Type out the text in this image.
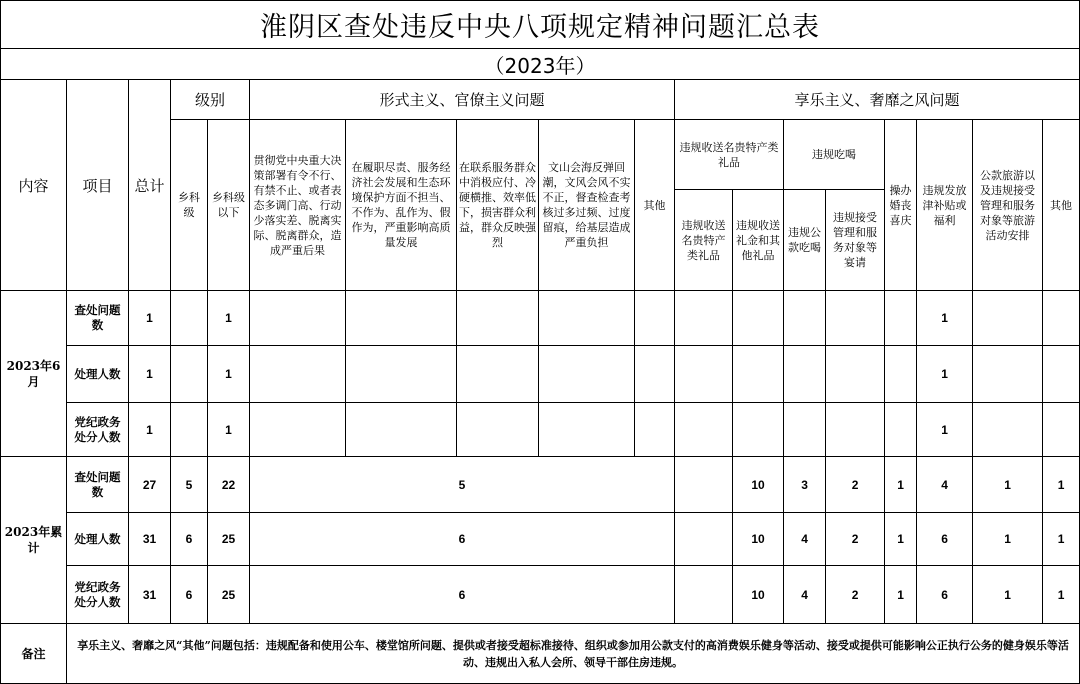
淮阴区查处违反中央八项规定精神问题汇总表
（2023年）
内容	项目	总计	级别		形式主义、官僚主义问题					享乐主义、奢靡之风问题							
			乡科级	乡科级以下	贯彻党中央重大决策部署有令不行、有禁不止、或者表态多调门高、行动少落实差、脱离实际、脱离群众，造成严重后果	在履职尽责、服务经济社会发展和生态环境保护方面不担当、不作为、乱作为、假作为，严重影响高质量发展	在联系服务群众中消极应付、冷硬横推、效率低下，损害群众利益，群众反映强烈	文山会海反弹回潮，文风会风不实不正，督查检查考核过多过频、过度留痕，给基层造成严重负担	其他	违规收送名贵特产类礼品		违规吃喝		操办婚丧喜庆	违规发放津补贴或福利	公款旅游以及违规接受管理和服务对象等旅游活动安排	其他
										违规收送名贵特产类礼品	违规收送礼金和其他礼品	违规公款吃喝	违规接受管理和服务对象等宴请				

2023年6月	查处问题数	1		1											1		
	处理人数	1		1											1		
	党纪政务处分人数	1		1											1		
2023年累计	查处问题数	27	5	22	5						10	3	2	1	4	1	1
	处理人数	31	6	25	6						10	4	2	1	6	1	1
	党纪政务处分人数	31	6	25	6						10	4	2	1	6	1	1
备注	享乐主义、奢靡之风“其他”问题包括：违规配备和使用公车、楼堂馆所问题、提供或者接受超标准接待、组织或参加用公款支付的高消费娱乐健身等活动、接受或提供可能影响公正执行公务的健身娱乐等活动、违规出入私人会所、领导干部住房违规。																
